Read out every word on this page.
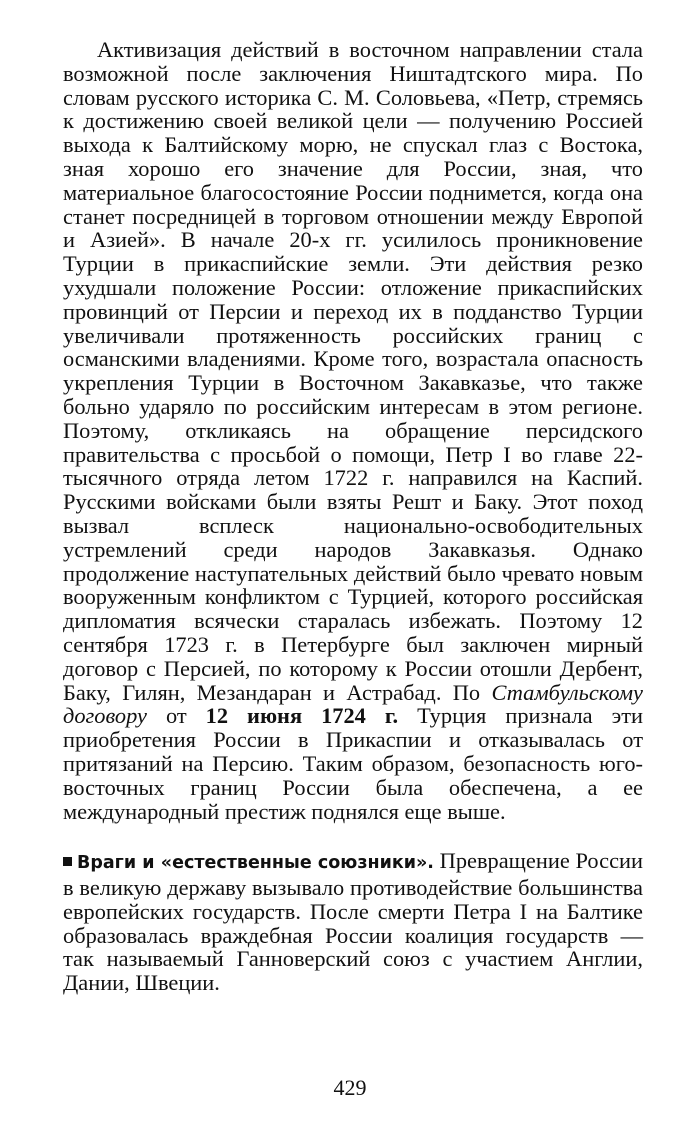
Активизация действий в восточном направлении стала возможной после заключения Ништадтского мира. По словам русского историка С. М. Соловьева, «Петр, стремясь к достижению своей великой цели — получению Россией выхода к Балтийскому морю, не спускал глаз с Востока, зная хорошо его значение для России, зная, что материальное благосостояние России поднимется, когда она станет посредницей в торговом отношении между Европой и Азией». В начале 20-х гг. усилилось проникновение Турции в прикаспийские земли. Эти действия резко ухудшали положение России: отложение прикаспийских провинций от Персии и переход их в подданство Турции увеличивали протяженность российских границ с османскими владениями. Кроме того, возрастала опасность укрепления Турции в Восточном Закавказье, что также больно ударяло по российским интересам в этом регионе. Поэтому, откликаясь на обращение персидского правительства с просьбой о помощи, Петр I во главе 22-тысячного отряда летом 1722 г. направился на Каспий. Русскими войсками были взяты Решт и Баку. Этот поход вызвал всплеск национально-освободительных устремлений среди народов Закавказья. Однако продолжение наступательных действий было чревато новым вооруженным конфликтом с Турцией, которого российская дипломатия всячески старалась избежать. Поэтому 12 сентября 1723 г. в Петербурге был заключен мирный договор с Персией, по которому к России отошли Дербент, Баку, Гилян, Мезандаран и Астрабад. По Стамбульскому договору от 12 июня 1724 г. Турция признала эти приобретения России в Прикаспии и отказывалась от притязаний на Персию. Таким образом, безопасность юго-восточных границ России была обеспечена, а ее международный престиж поднялся еще выше.

Враги и «естественные союзники». Превращение России в великую державу вызывало противодействие большинства европейских государств. После смерти Петра I на Балтике образовалась враждебная России коалиция государств — так называемый Ганноверский союз с участием Англии, Дании, Швеции.

429
